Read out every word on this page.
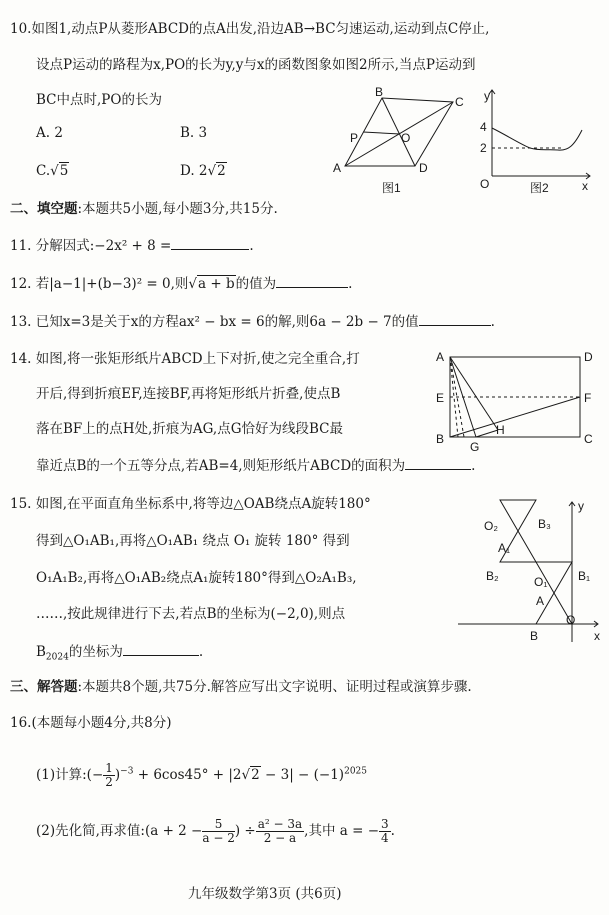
10.如图1,动点P从菱形ABCD的点A出发,沿边AB→BC匀速运动,运动到点C停止,
设点P运动的路程为x,PO的长为y,y与x的函数图象如图2所示,当点P运动到
BC中点时,PO的长为
A. 2	B. 3
C.√5	D. 2√2	A
B
C
D
P	O
图1
y
x
O
4
2
图2
二、填空题:本题共5小题,每小题3分,共15分.
11. 分解因式:−2x² + 8 =	.
12. 若|a−1|+(b−3)² = 0,则√a + b的值为	.
13. 已知x=3是关于x的方程ax² − bx = 6的解,则6a − 2b − 7的值	.
14. 如图,将一张矩形纸片ABCD上下对折,使之完全重合,打
开后,得到折痕EF,连接BF,再将矩形纸片折叠,使点B
落在BF上的点H处,折痕为AG,点G恰好为线段BC最
靠近点B的一个五等分点,若AB=4,则矩形纸片ABCD的面积为	.
A
B	C
D
E	F
G
H
15. 如图,在平面直角坐标系中,将等边△OAB绕点A旋转180°
得到△O₁AB₁,再将△O₁AB₁ 绕点 O₁ 旋转 180° 得到
O₁A₁B₂,再将△O₁AB₂绕点A₁旋转180°得到△O₂A₁B₃,
……,按此规律进行下去,若点B的坐标为(−2,0),则点
$B_{2024}$的坐标为	.
y
x
O
B
A
O₁	B₁
A₁
B₂
B₃
O₂
三、解答题:本题共8个题,共75分.解答应写出文字说明、证明过程或演算步骤.
16.(本题每小题4分,共8分)
(1)计算:(− $\frac{1}{2} )^{-3} + 6\cos 45^\circ + |2√2 - 3| - (-1)^{2025}$
(2)先化简,再求值:(a + $2 - \frac{5}{a - 2}$ ) ÷ $\frac{\text{a² − 3a}}{2 - a}$ ,其中 a = − $\frac{3}{4}$ .
九年级数学第3页 (共6页)
